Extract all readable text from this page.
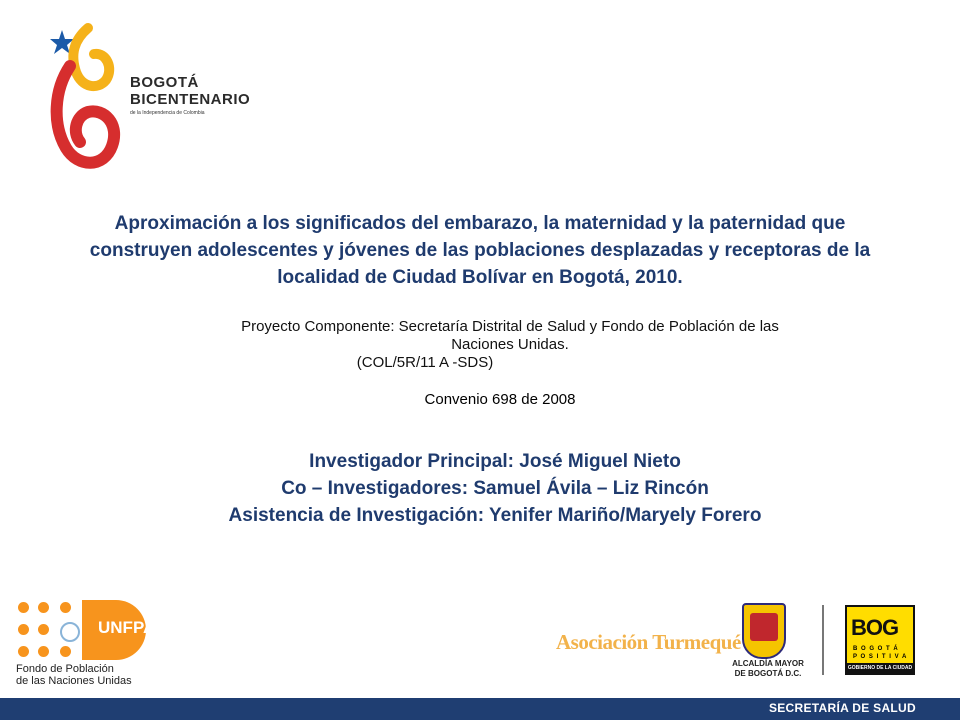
BOGOTÁ
BICENTENARIO
de la Independencia de Colombia
Aproximación a los significados del embarazo, la maternidad y la paternidad que
construyen adolescentes y jóvenes de las poblaciones desplazadas y receptoras de la
localidad de Ciudad Bolívar en Bogotá, 2010.
Proyecto Componente: Secretaría Distrital de Salud y Fondo de Población de las
Naciones Unidas.
(COL/5R/11 A -SDS)
Convenio 698 de 2008
Investigador Principal: José Miguel Nieto
Co – Investigadores: Samuel Ávila – Liz Rincón
Asistencia de Investigación: Yenifer Mariño/Maryely Forero
UNFPA
Fondo de Población
de las Naciones Unidas
Asociación Turmequé
ALCALDÍA MAYOR
DE BOGOTÁ D.C.
BOG
B O G O T Á
P O S I T I V A
GOBIERNO DE LA CIUDAD
SECRETARÍA DE SALUD
